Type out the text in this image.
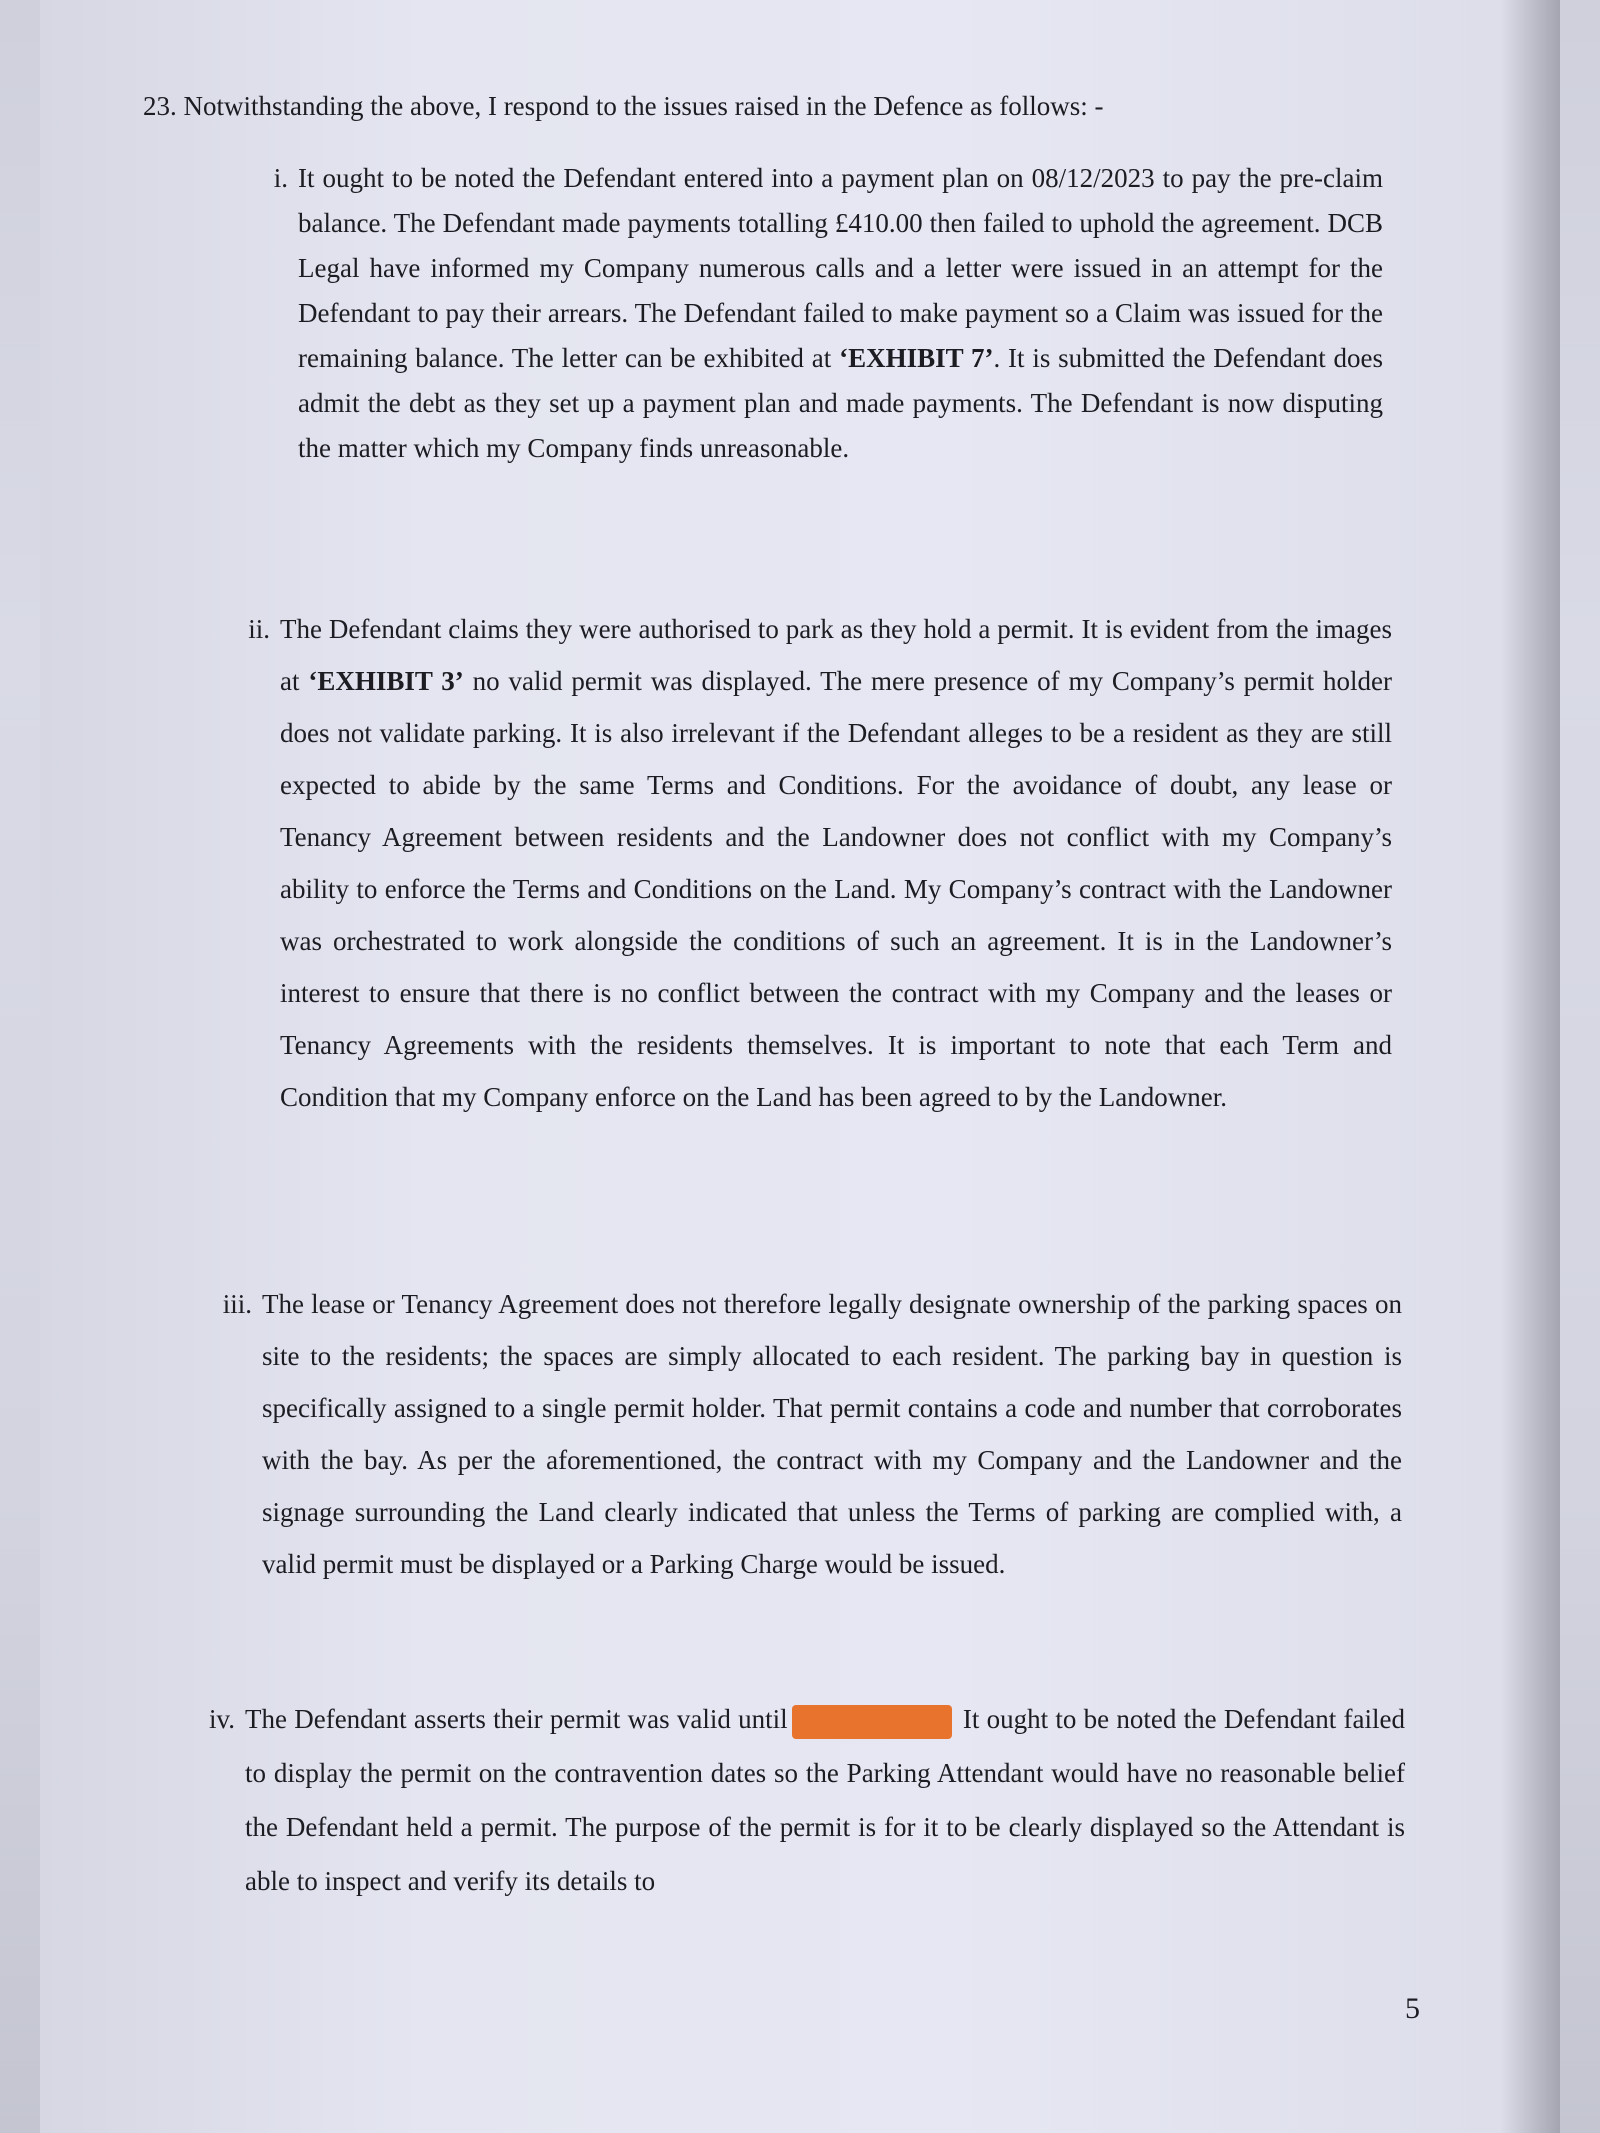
23. Notwithstanding the above, I respond to the issues raised in the Defence as follows: -
i. It ought to be noted the Defendant entered into a payment plan on 08/12/2023 to pay the pre-claim balance. The Defendant made payments totalling £410.00 then failed to uphold the agreement. DCB Legal have informed my Company numerous calls and a letter were issued in an attempt for the Defendant to pay their arrears. The Defendant failed to make payment so a Claim was issued for the remaining balance. The letter can be exhibited at ‘EXHIBIT 7’. It is submitted the Defendant does admit the debt as they set up a payment plan and made payments. The Defendant is now disputing the matter which my Company finds unreasonable.
ii. The Defendant claims they were authorised to park as they hold a permit. It is evident from the images at ‘EXHIBIT 3’ no valid permit was displayed. The mere presence of my Company’s permit holder does not validate parking. It is also irrelevant if the Defendant alleges to be a resident as they are still expected to abide by the same Terms and Conditions. For the avoidance of doubt, any lease or Tenancy Agreement between residents and the Landowner does not conflict with my Company’s ability to enforce the Terms and Conditions on the Land. My Company’s contract with the Landowner was orchestrated to work alongside the conditions of such an agreement. It is in the Landowner’s interest to ensure that there is no conflict between the contract with my Company and the leases or Tenancy Agreements with the residents themselves. It is important to note that each Term and Condition that my Company enforce on the Land has been agreed to by the Landowner.
iii. The lease or Tenancy Agreement does not therefore legally designate ownership of the parking spaces on site to the residents; the spaces are simply allocated to each resident. The parking bay in question is specifically assigned to a single permit holder. That permit contains a code and number that corroborates with the bay. As per the aforementioned, the contract with my Company and the Landowner and the signage surrounding the Land clearly indicated that unless the Terms of parking are complied with, a valid permit must be displayed or a Parking Charge would be issued.
iv. The Defendant asserts their permit was valid until	It ought to be noted the Defendant failed to display the permit on the contravention dates so the Parking Attendant would have no reasonable belief the Defendant held a permit. The purpose of the permit is for it to be clearly displayed so the Attendant is able to inspect and verify its details to
5
